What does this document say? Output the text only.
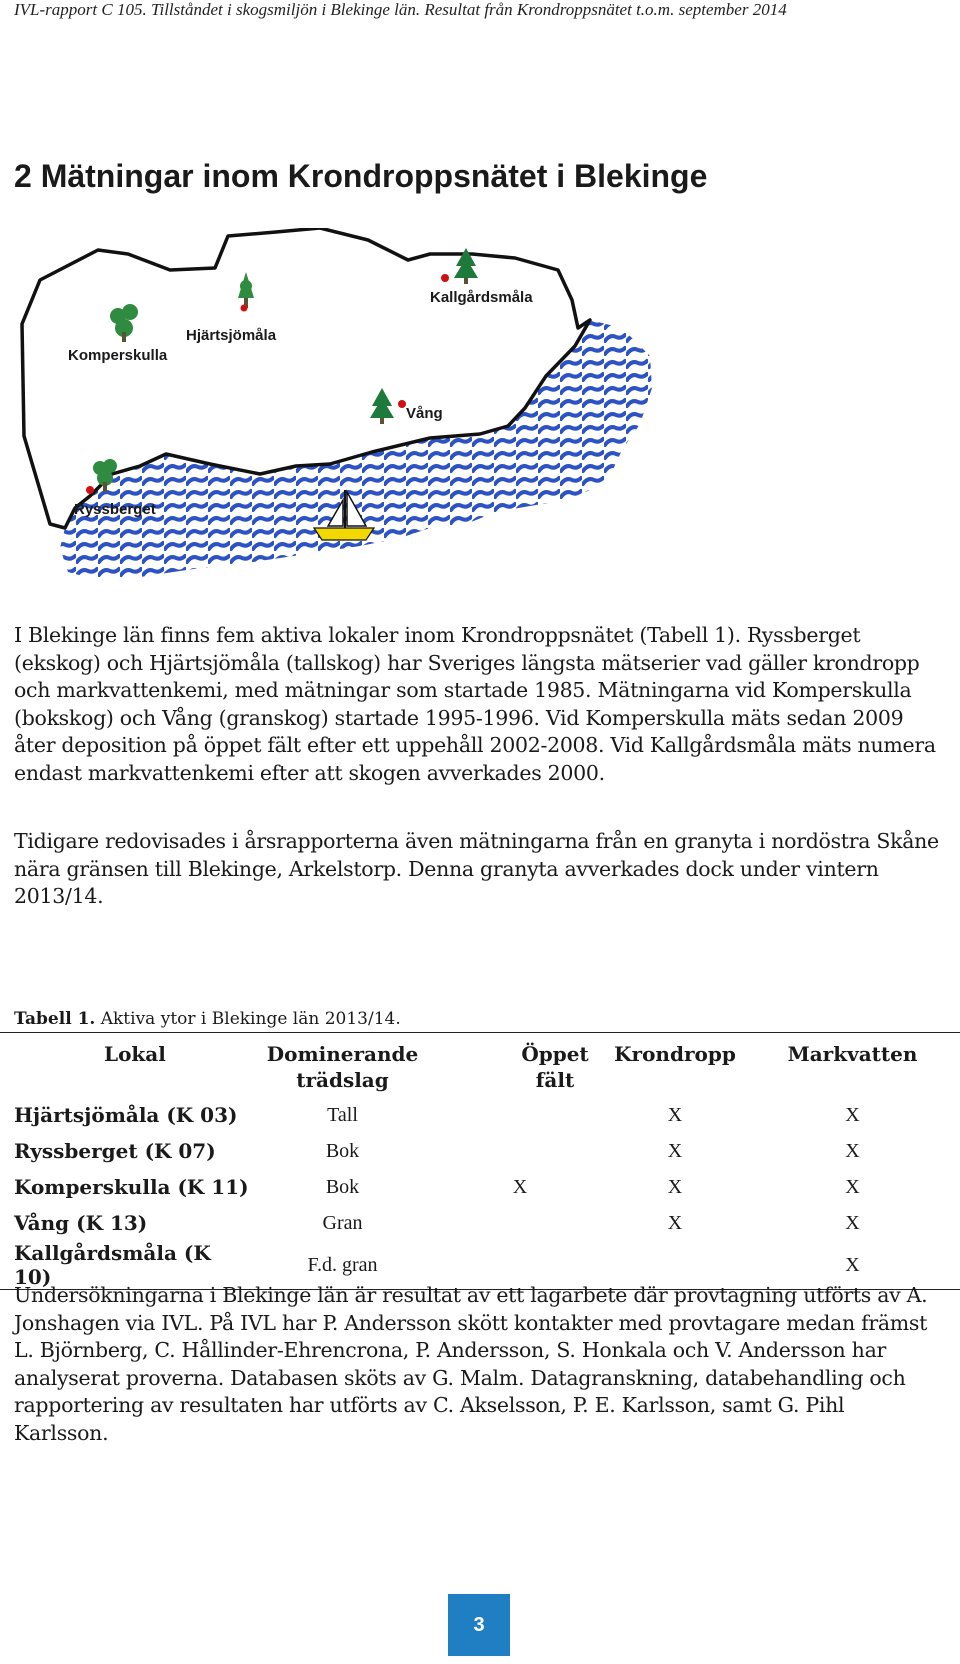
IVL-rapport C 105. Tillståndet i skogsmiljön i Blekinge län. Resultat från Krondroppsnätet t.o.m. september 2014
2 Mätningar inom Krondroppsnätet i Blekinge
Komperskulla
Hjärtsjömåla
Kallgårdsmåla
Vång
Ryssberget

I Blekinge län finns fem aktiva lokaler inom Krondroppsnätet (Tabell 1). Ryssberget (ekskog) och Hjärtsjömåla (tallskog) har Sveriges längsta mätserier vad gäller krondropp och markvattenkemi, med mätningar som startade 1985. Mätningarna vid Komperskulla (bokskog) och Vång (granskog) startade 1995-1996. Vid Komperskulla mäts sedan 2009 åter deposition på öppet fält efter ett uppehåll 2002-2008. Vid Kallgårdsmåla mäts numera endast markvattenkemi efter att skogen avverkades 2000.

Tidigare redovisades i årsrapporterna även mätningarna från en granyta i nordöstra Skåne nära gränsen till Blekinge, Arkelstorp. Denna granyta avverkades dock under vintern 2013/14.

Tabell 1. Aktiva ytor i Blekinge län 2013/14.

Lokal	Dominerande trädslag	Öppet fält	Krondropp	Markvatten
Hjärtsjömåla (K 03)	Tall		X	X
Ryssberget (K 07)	Bok		X	X
Komperskulla (K 11)	Bok	X	X	X
Vång (K 13)	Gran		X	X
Kallgårdsmåla (K 10)	F.d. gran			X

Undersökningarna i Blekinge län är resultat av ett lagarbete där provtagning utförts av A. Jonshagen via IVL. På IVL har P. Andersson skött kontakter med provtagare medan främst L. Björnberg, C. Hållinder-Ehrencrona, P. Andersson, S. Honkala och V. Andersson har analyserat proverna. Databasen sköts av G. Malm. Datagranskning, databehandling och rapportering av resultaten har utförts av C. Akselsson, P. E. Karlsson, samt G. Pihl Karlsson.

3
